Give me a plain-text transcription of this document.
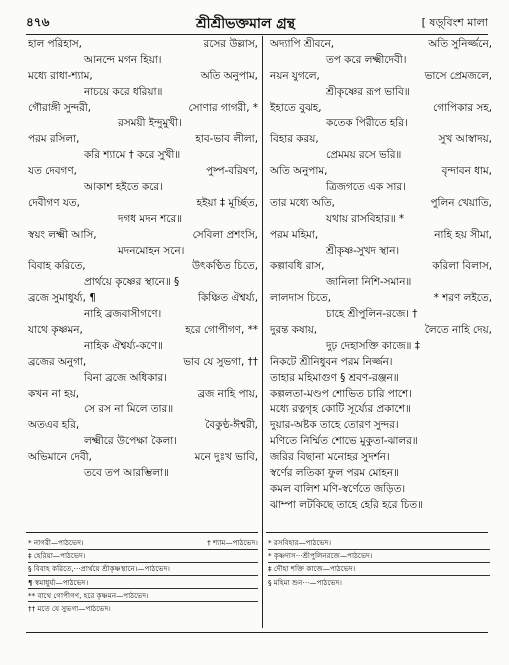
৪৭৬	শ্রীশ্রীভক্তমাল গ্রন্থ	[ ষড়্‌বিংশ মালা
হাল পরিহাস,	রসের উল্লাস,
আনন্দে মগন হিয়া।
মধ্যে রাধা-শ্যাম,	অতি অনুপাম,
নাচয়ে করে ধরিয়া॥
গৌরাঙ্গী সুন্দরী,	সোণার গাগরী, *
রসময়ী ইন্দুমুখী।
পরম রসিলা,	হাব-ভাব লীলা,
করি শ্যামে † করে সুখী॥
যত দেবগণ,	পুষ্প-বরিষণ,
আকাশ হইতে করে।
দেবীগণ যত,	হইয়া ‡ মূর্চ্ছিত,
দগধ মদন শরে॥
স্বয়ং লক্ষ্মী আসি,	সেবিলা প্রশংসি,
মদনমোহন সনে।
বিবাহ করিতে,	উৎকণ্ঠিত চিতে,
প্রার্থয়ে কৃষ্ণের স্থানে॥ §
ব্রজে সুমাধুর্য্য, ¶	কিঞ্চিত ঐশ্বর্য্য,
নাহি ব্রজবাসীগণে।
যাথে কৃষ্ণমন,	হরে গোপীগণ, **
নাহিক ঐশ্বর্য্য-কণে॥
ব্রজের অনুগা,	ভাব যে সুভগা, ††
বিনা ব্রজে অধিকার।
কখন না হয়,	ব্রজ নাহি পায়,
সে রস না মিলে তার॥
অতএব হরি,	বৈকুণ্ঠ-ঈশ্বরী,
লক্ষ্মীরে উপেক্ষা কৈলা।
অভিমানে দেবী,	মনে দুঃখ ভাবি,
তবে তপ আরম্ভিলা॥
অদ্যাপি শ্রীবনে,	অতি সুনির্জ্জনে,
তপ করে লক্ষ্মীদেবী।
নয়ন যুগলে,	ভাসে প্রেমজলে,
শ্রীকৃষ্ণের রূপ ভাবি॥
ইহাতে বুঝহ,	গোপিকার সহ,
কতেক পিরীতে হরি।
বিহার করয়,	সুখ আস্বাদয়,
প্রেমময় রসে ভরি॥
অতি অনুপাম,	বৃন্দাবন ধাম,
ত্রিজগতে এক সার।
তার মধ্যে অতি,	পুলিন খেয়াতি,
যথায় রাসবিহার॥ *
পরম মহিমা,	নাহি হয় সীমা,
শ্রীকৃষ্ণ-সুখদ স্থান।
কল্পাবধি রাস,	করিলা বিলাস,
জানিলা নিশি-সমান॥
লালদাস চিতে,	* শরণ লইতে,
চাহে শ্রীপুলিন-রজে। †
দুরন্ত কষায়,	লৈতে নাহি দেয়,
দুঢ় দেহাসক্তি কাজে॥ ‡
নিকটে শ্রীনিধুবন পরম নির্জ্জন।
তাহার মহিমাগুণ § শ্রবণ-রঞ্জন॥
কল্পলতা-মণ্ডপ শোভিত চারি পাশে।
মধ্যে রত্নগৃহ কোটি সূর্য্যের প্রকাশে॥
দুয়ার-অষ্টক তাহে তোরণ সুন্দর।
মণিতে নির্ম্মিত শোভে মুকুতা-ঝালর॥
জরির বিছানা মনোহর সুদর্শন।
স্বর্ণের লতিকা ফুল পরম মোহন॥
কমল বালিশ মণি-স্বর্ণেতে জড়িত।
ঝাম্পা লটকিছে তাহে হেরি হরে চিত॥
* নাগরী—পাঠভেদ।	† শ্যাম—পাঠভেদ।
‡ হেরিয়া—পাঠভেদ।
§ বিবাহ করিতে,···প্রার্থয়ে শ্রীকৃষ্ণস্থানে।—পাঠভেদ।
¶ স্বমাধুর্য্য—পাঠভেদ।
** বাথে গোপীগণ, হরে কৃষ্ণমন—পাঠভেদ।
†† মতে যে সুভগা—পাঠভেদ।
* রসবিহার—পাঠভেদ।
* কৃষ্ণদাস···শ্রীপুলিনরজে—পাঠভেদ।
‡ দৌহা শক্তি কাজে—পাঠভেদ।
§ মহিমা শুন···—পাঠভেদ।
